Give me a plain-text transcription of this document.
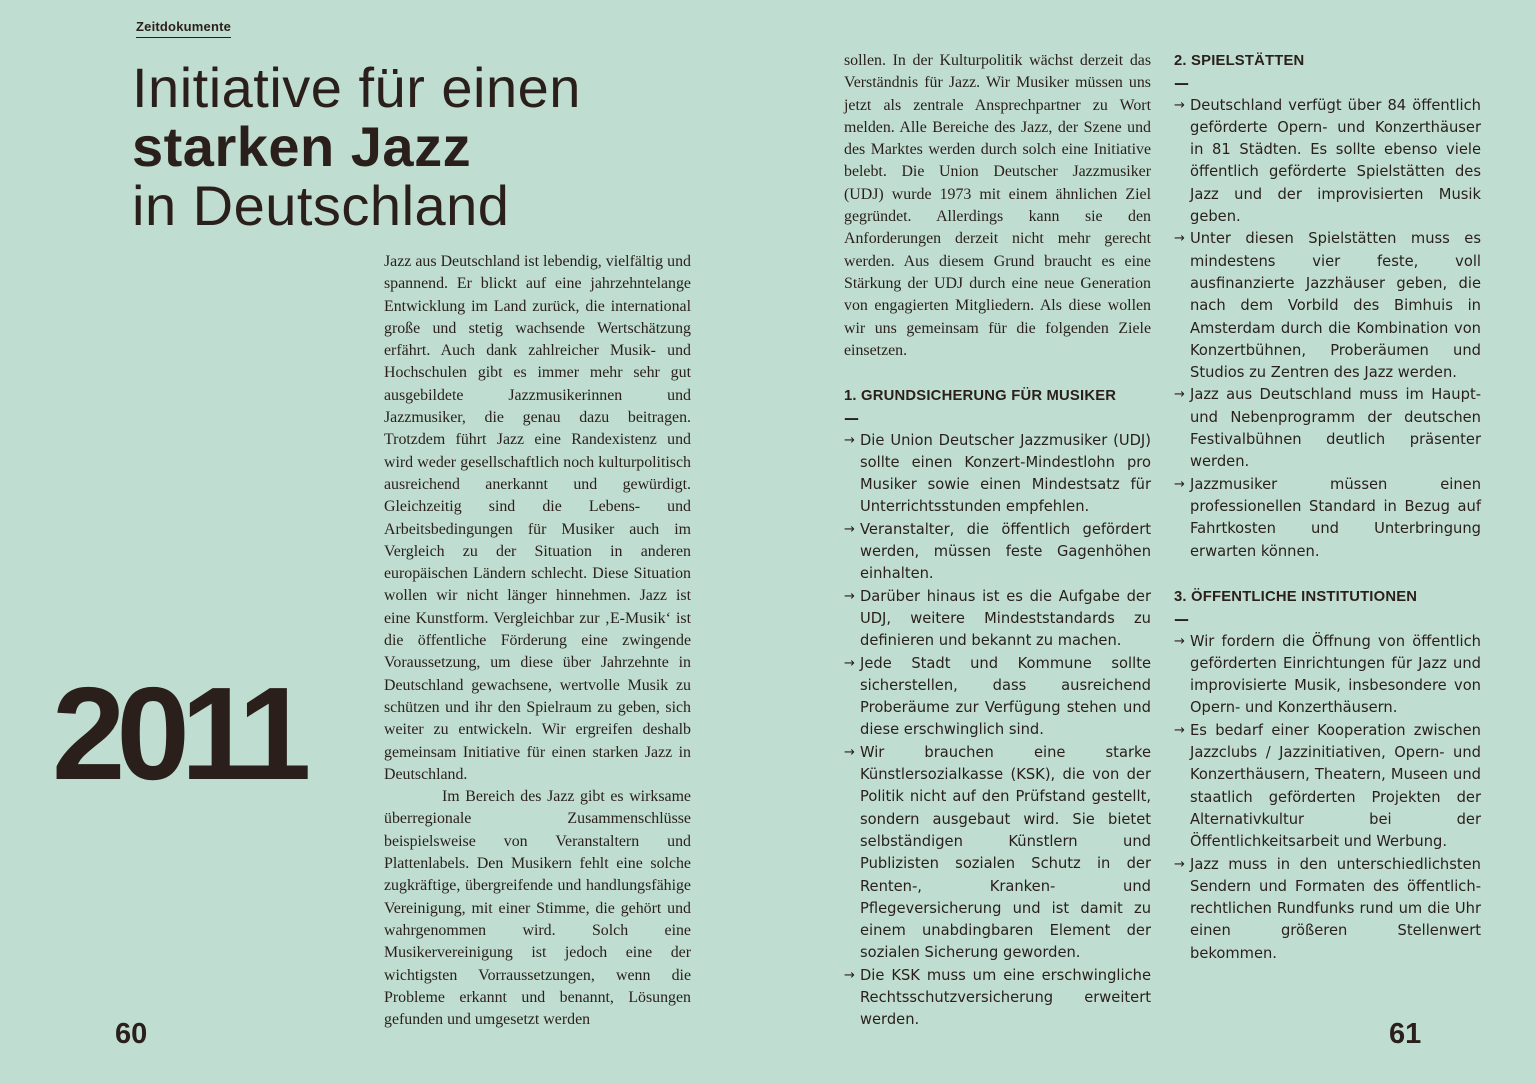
Zeitdokumente
Initiative für einen
starken Jazz
in Deutschland
2011

Jazz aus Deutschland ist lebendig, vielfältig und spannend. Er blickt auf eine jahrzehntelange Entwicklung im Land zurück, die international große und stetig wachsende Wertschätzung erfährt. Auch dank zahlreicher Musik- und Hochschulen gibt es immer mehr sehr gut ausgebildete Jazzmusikerinnen und Jazzmusiker, die genau dazu beitragen. Trotzdem führt Jazz eine Randexistenz und wird weder gesellschaftlich noch kulturpolitisch ausreichend anerkannt und gewürdigt. Gleichzeitig sind die Lebens- und Arbeitsbedingungen für Musiker auch im Vergleich zu der Situation in anderen europäischen Ländern schlecht. Diese Situation wollen wir nicht länger hinnehmen. Jazz ist eine Kunstform. Vergleichbar zur ‚E-Musik‘ ist die öffentliche Förderung eine zwingende Voraussetzung, um diese über Jahrzehnte in Deutschland gewachsene, wertvolle Musik zu schützen und ihr den Spielraum zu geben, sich weiter zu entwickeln. Wir ergreifen deshalb gemeinsam Initiative für einen starken Jazz in Deutschland.

Im Bereich des Jazz gibt es wirksame überregionale Zusammenschlüsse beispielsweise von Veranstaltern und Plattenlabels. Den Musikern fehlt eine solche zugkräftige, übergreifende und handlungsfähige Vereinigung, mit einer Stimme, die gehört und wahrgenommen wird. Solch eine Musikervereinigung ist jedoch eine der wichtigsten Vorraussetzungen, wenn die Probleme erkannt und benannt, Lösungen gefunden und umgesetzt werden

sollen. In der Kulturpolitik wächst derzeit das Verständnis für Jazz. Wir Musiker müssen uns jetzt als zentrale Ansprechpartner zu Wort melden. Alle Bereiche des Jazz, der Szene und des Marktes werden durch solch eine Initiative belebt. Die Union Deutscher Jazzmusiker (UDJ) wurde 1973 mit einem ähnlichen Ziel gegründet. Allerdings kann sie den Anforderungen derzeit nicht mehr gerecht werden. Aus diesem Grund braucht es eine Stärkung der UDJ durch eine neue Generation von engagierten Mitgliedern. Als diese wollen wir uns gemeinsam für die folgenden Ziele einsetzen.

1. GRUNDSICHERUNG FÜR MUSIKER
—
→ Die Union Deutscher Jazzmusiker (UDJ) sollte einen Konzert-Mindestlohn pro Musiker sowie einen Mindestsatz für Unterrichtsstunden empfehlen.
→ Veranstalter, die öffentlich gefördert werden, müssen feste Gagenhöhen einhalten.
→ Darüber hinaus ist es die Aufgabe der UDJ, weitere Mindeststandards zu definieren und bekannt zu machen.
→ Jede Stadt und Kommune sollte sicherstellen, dass ausreichend Proberäume zur Verfügung stehen und diese erschwinglich sind.
→ Wir brauchen eine starke Künstlersozialkasse (KSK), die von der Politik nicht auf den Prüfstand gestellt, sondern ausgebaut wird. Sie bietet selbständigen Künstlern und Publizisten sozialen Schutz in der Renten-, Kranken- und Pflegeversicherung und ist damit zu einem unabdingbaren Element der sozialen Sicherung geworden.
→ Die KSK muss um eine erschwingliche Rechtsschutzversicherung erweitert werden.
2. SPIELSTÄTTEN
—
→ Deutschland verfügt über 84 öffentlich geförderte Opern- und Konzerthäuser in 81 Städten. Es sollte ebenso viele öffentlich geförderte Spielstätten des Jazz und der improvisierten Musik geben.
→ Unter diesen Spielstätten muss es mindestens vier feste, voll ausfinanzierte Jazzhäuser geben, die nach dem Vorbild des Bimhuis in Amsterdam durch die Kombination von Konzertbühnen, Proberäumen und Studios zu Zentren des Jazz werden.
→ Jazz aus Deutschland muss im Haupt- und Nebenprogramm der deutschen Festivalbühnen deutlich präsenter werden.
→ Jazzmusiker müssen einen professionellen Standard in Bezug auf Fahrtkosten und Unterbringung erwarten können.
3. ÖFFENTLICHE INSTITUTIONEN
—
→ Wir fordern die Öffnung von öffentlich geförderten Einrichtungen für Jazz und improvisierte Musik, insbesondere von Opern- und Konzerthäusern.
→ Es bedarf einer Kooperation zwischen Jazzclubs / Jazzinitiativen, Opern- und Konzerthäusern, Theatern, Museen und staatlich geförderten Projekten der Alternativkultur bei der Öffentlichkeitsarbeit und Werbung.
→ Jazz muss in den unterschiedlichsten Sendern und Formaten des öffentlich-rechtlichen Rundfunks rund um die Uhr einen größeren Stellenwert bekommen.
60	61
